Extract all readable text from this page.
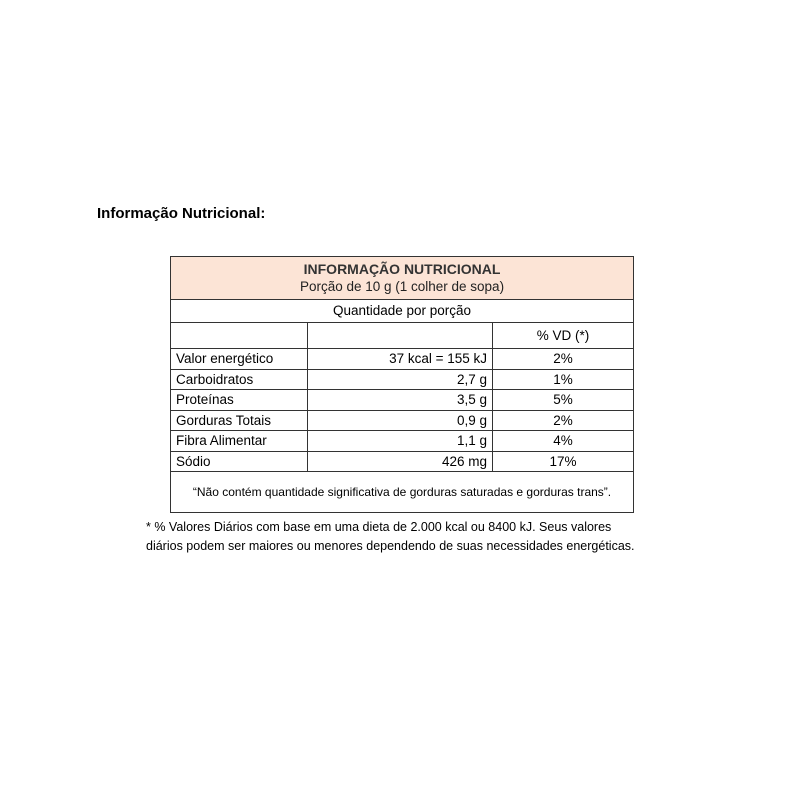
Informação Nutricional:
INFORMAÇÃO NUTRICIONAL
Porção de 10 g (1 colher de sopa)		

Quantidade por porção		
		% VD (*)
Valor energético	37 kcal = 155 kJ	2%
Carboidratos	2,7 g	1%
Proteínas	3,5 g	5%
Gorduras Totais	0,9 g	2%
Fibra Alimentar	1,1 g	4%
Sódio	426 mg	17%
“Não contém quantidade significativa de gorduras saturadas e gorduras trans”.		

* % Valores Diários com base em uma dieta de 2.000 kcal ou 8400 kJ. Seus valores
diários podem ser maiores ou menores dependendo de suas necessidades energéticas.
